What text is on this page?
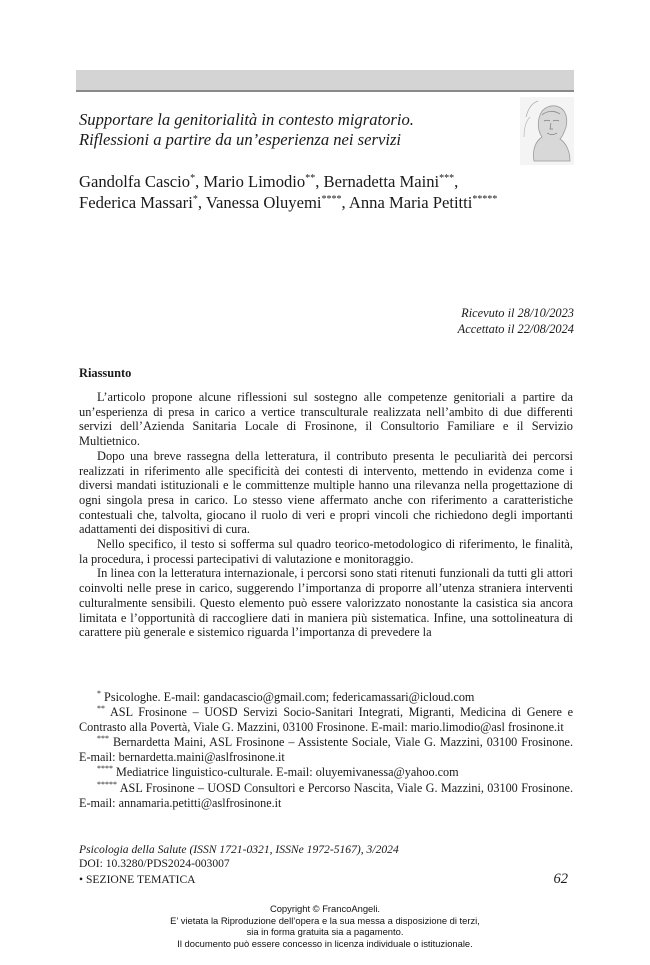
Supportare la genitorialità in contesto migratorio.
Riflessioni a partire da un’esperienza nei servizi
Gandolfa Cascio*, Mario Limodio**, Bernadetta Maini***,
Federica Massari*, Vanessa Oluyemi****, Anna Maria Petitti*****
Ricevuto il 28/10/2023
Accettato il 22/08/2024
Riassunto

L’articolo propone alcune riflessioni sul sostegno alle competenze genitoriali a partire da un’esperienza di presa in carico a vertice transculturale realizzata nell’ambito di due differenti servizi dell’Azienda Sanitaria Locale di Frosinone, il Consultorio Familiare e il Servizio Multietnico.

Dopo una breve rassegna della letteratura, il contributo presenta le peculiarità dei percorsi realizzati in riferimento alle specificità dei contesti di intervento, mettendo in evidenza come i diversi mandati istituzionali e le committenze multiple hanno una rilevanza nella progettazione di ogni singola presa in carico. Lo stesso viene affermato anche con riferimento a caratteristiche contestuali che, talvolta, giocano il ruolo di veri e propri vincoli che richiedono degli importanti adattamenti dei dispositivi di cura.

Nello specifico, il testo si sofferma sul quadro teorico-metodologico di riferimento, le finalità, la procedura, i processi partecipativi di valutazione e monitoraggio.

In linea con la letteratura internazionale, i percorsi sono stati ritenuti funzionali da tutti gli attori coinvolti nelle prese in carico, suggerendo l’importanza di proporre all’utenza straniera interventi culturalmente sensibili. Questo elemento può essere valorizzato nonostante la casistica sia ancora limitata e l’opportunità di raccogliere dati in maniera più sistematica. Infine, una sottolineatura di carattere più generale e sistemico riguarda l’importanza di prevedere la

* Psicologhe. E-mail: gandacascio@gmail.com; federicamassari@icloud.com

** ASL Frosinone – UOSD Servizi Socio-Sanitari Integrati, Migranti, Medicina di Genere e Contrasto alla Povertà, Viale G. Mazzini, 03100 Frosinone. E-mail: mario.limodio@asl frosinone.it

*** Bernardetta Maini, ASL Frosinone – Assistente Sociale, Viale G. Mazzini, 03100 Frosinone. E-mail: bernardetta.maini@aslfrosinone.it

**** Mediatrice linguistico-culturale. E-mail: oluyemivanessa@yahoo.com

***** ASL Frosinone – UOSD Consultori e Percorso Nascita, Viale G. Mazzini, 03100 Frosinone. E-mail: annamaria.petitti@aslfrosinone.it

Psicologia della Salute (ISSN 1721-0321, ISSNe 1972-5167), 3/2024
DOI: 10.3280/PDS2024-003007
• SEZIONE TEMATICA	62
Copyright © FrancoAngeli.
E’ vietata la Riproduzione dell’opera e la sua messa a disposizione di terzi,
sia in forma gratuita sia a pagamento.
Il documento può essere concesso in licenza individuale o istituzionale.
